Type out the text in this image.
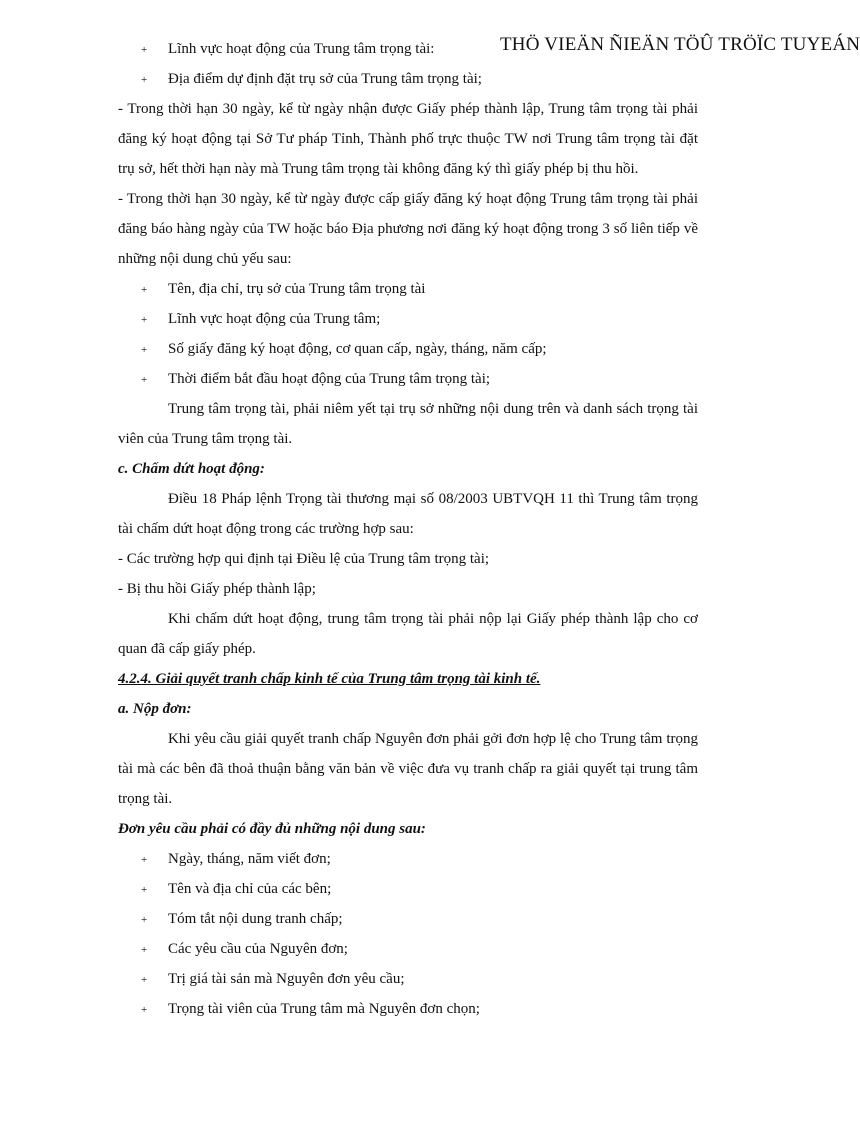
THÖ VIEÄN ÑIEÄN TÖÛ TRÖÏC TUYEÁN
+ Lĩnh vực hoạt động của Trung tâm trọng tài:
+ Địa điểm dự định đặt trụ sở của Trung tâm trọng tài;
- Trong thời hạn 30 ngày, kể từ ngày nhận được Giấy phép thành lập, Trung tâm trọng tài phải đăng ký hoạt động tại Sở Tư pháp Tỉnh, Thành phố trực thuộc TW nơi Trung tâm trọng tài đặt trụ sở, hết thời hạn này mà Trung tâm trọng tài không đăng ký thì giấy phép bị thu hồi.
- Trong thời hạn 30 ngày, kể từ ngày được cấp giấy đăng ký hoạt động Trung tâm trọng tài phải đăng báo hàng ngày của TW hoặc báo Địa phương nơi đăng ký hoạt động trong 3 số liên tiếp về những nội dung chủ yếu sau:
+ Tên, địa chỉ, trụ sở của Trung tâm trọng tài
+ Lĩnh vực hoạt động của Trung tâm;
+ Số giấy đăng ký hoạt động, cơ quan cấp, ngày, tháng, năm cấp;
+ Thời điểm bắt đầu hoạt động của Trung tâm trọng tài;
Trung tâm trọng tài, phải niêm yết tại trụ sở những nội dung trên và danh sách trọng tài viên của Trung tâm trọng tài.
c. Chấm dứt hoạt động:
Điều 18 Pháp lệnh Trọng tài thương mại số 08/2003 UBTVQH 11 thì Trung tâm trọng tài chấm dứt hoạt động trong các trường hợp sau:
- Các trường hợp qui định tại Điều lệ của Trung tâm trọng tài;
- Bị thu hồi Giấy phép thành lập;
Khi chấm dứt hoạt động, trung tâm trọng tài phải nộp lại Giấy phép thành lập cho cơ quan đã cấp giấy phép.
4.2.4. Giải quyết tranh chấp kinh tế của Trung tâm trọng tài kinh tế.
a. Nộp đơn:
Khi yêu cầu giải quyết tranh chấp Nguyên đơn phải gởi đơn hợp lệ cho Trung tâm trọng tài mà các bên đã thoả thuận bằng văn bản về việc đưa vụ tranh chấp ra giải quyết tại trung tâm trọng tài.
Đơn yêu cầu phải có đầy đủ những nội dung sau:
+ Ngày, tháng, năm viết đơn;
+ Tên và địa chỉ của các bên;
+ Tóm tắt nội dung tranh chấp;
+ Các yêu cầu của Nguyên đơn;
+ Trị giá tài sản mà Nguyên đơn yêu cầu;
+ Trọng tài viên của Trung tâm mà Nguyên đơn chọn;
